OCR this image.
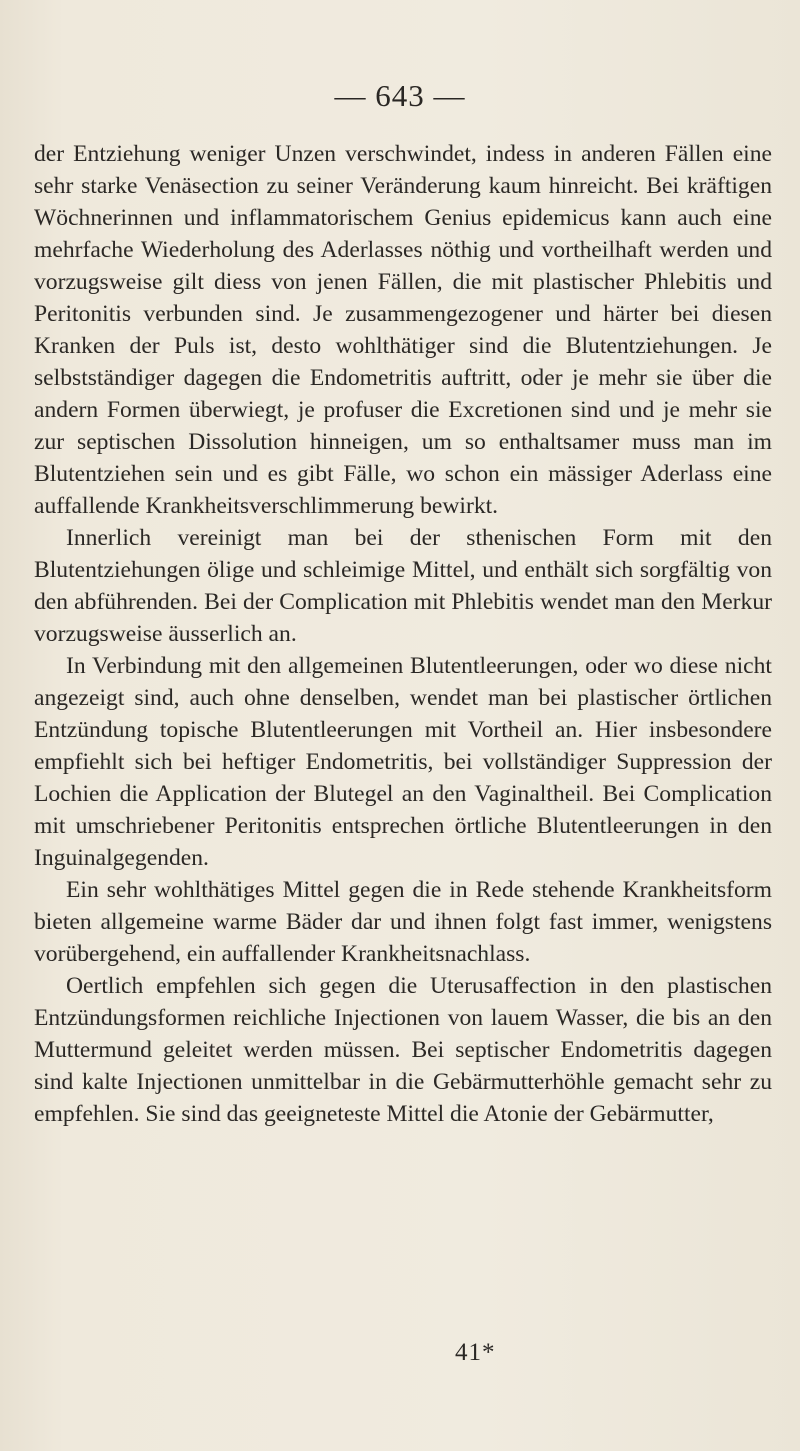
— 643 —

der Entziehung weniger Unzen verschwindet, indess in anderen Fällen eine sehr starke Venäsection zu seiner Veränderung kaum hinreicht. Bei kräftigen Wöchnerinnen und inflammatorischem Genius epidemicus kann auch eine mehrfache Wiederholung des Aderlasses nöthig und vortheilhaft werden und vorzugsweise gilt diess von jenen Fällen, die mit plastischer Phlebitis und Peritonitis verbunden sind. Je zusammengezogener und härter bei diesen Kranken der Puls ist, desto wohlthätiger sind die Blutentziehungen. Je selbstständiger dagegen die Endometritis auftritt, oder je mehr sie über die andern Formen überwiegt, je profuser die Excretionen sind und je mehr sie zur septischen Dissolution hinneigen, um so enthaltsamer muss man im Blutentziehen sein und es gibt Fälle, wo schon ein mässiger Aderlass eine auffallende Krankheitsverschlimmerung bewirkt.

Innerlich vereinigt man bei der sthenischen Form mit den Blutentziehungen ölige und schleimige Mittel, und enthält sich sorgfältig von den abführenden. Bei der Complication mit Phlebitis wendet man den Merkur vorzugsweise äusserlich an.

In Verbindung mit den allgemeinen Blutentleerungen, oder wo diese nicht angezeigt sind, auch ohne denselben, wendet man bei plastischer örtlichen Entzündung topische Blutentleerungen mit Vortheil an. Hier insbesondere empfiehlt sich bei heftiger Endometritis, bei vollständiger Suppression der Lochien die Application der Blutegel an den Vaginaltheil. Bei Complication mit umschriebener Peritonitis entsprechen örtliche Blutentleerungen in den Inguinalgegenden.

Ein sehr wohlthätiges Mittel gegen die in Rede stehende Krankheitsform bieten allgemeine warme Bäder dar und ihnen folgt fast immer, wenigstens vorübergehend, ein auffallender Krankheitsnachlass.

Oertlich empfehlen sich gegen die Uterusaffection in den plastischen Entzündungsformen reichliche Injectionen von lauem Wasser, die bis an den Muttermund geleitet werden müssen. Bei septischer Endometritis dagegen sind kalte Injectionen unmittelbar in die Gebärmutterhöhle gemacht sehr zu empfehlen. Sie sind das geeigneteste Mittel die Atonie der Gebärmutter,

41*
